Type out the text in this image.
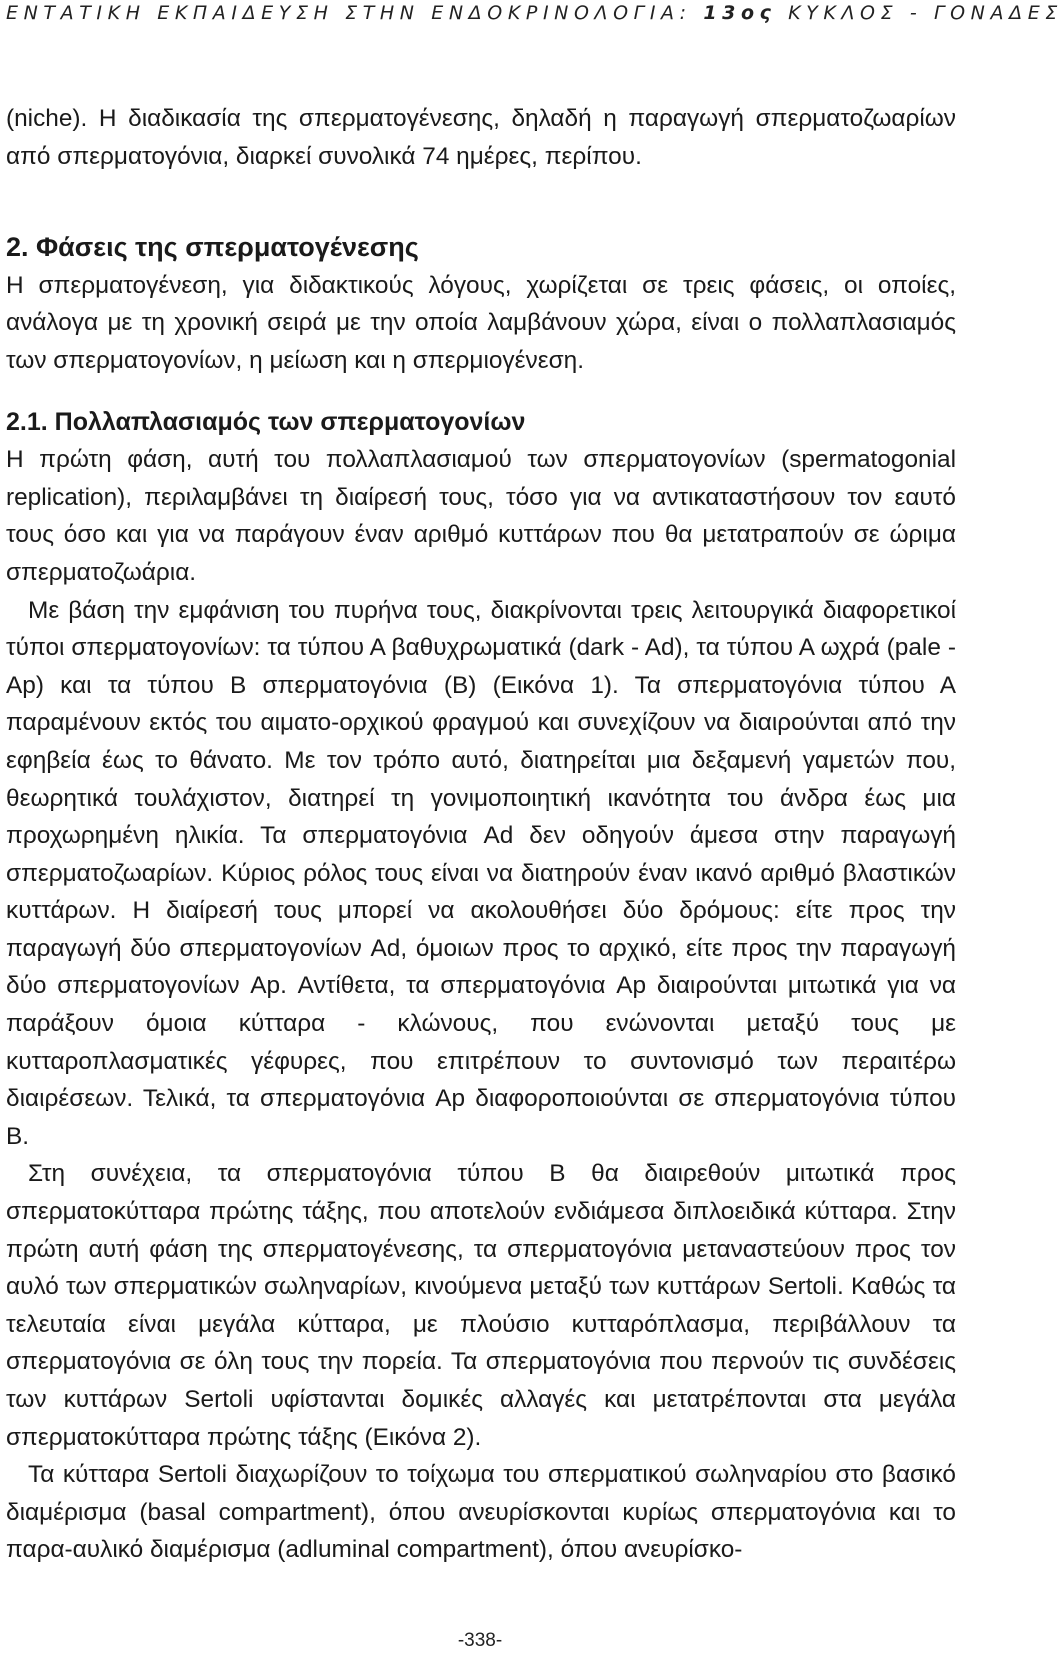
ΕΝΤΑΤΙΚΗ ΕΚΠΑΙΔΕΥΣΗ ΣΤΗΝ ΕΝΔΟΚΡΙΝΟΛΟΓΙΑ: 13ος ΚΥΚΛΟΣ - ΓΟΝΑΔΕΣ

(niche). Η διαδικασία της σπερματογένεσης, δηλαδή η παραγωγή σπερματοζωαρίων από σπερματογόνια, διαρκεί συνολικά 74 ημέρες, περίπου.

2. Φάσεις της σπερματογένεσης

Η σπερματογένεση, για διδακτικούς λόγους, χωρίζεται σε τρεις φάσεις, οι οποίες, ανάλογα με τη χρονική σειρά με την οποία λαμβάνουν χώρα, είναι ο πολλαπλασιαμός των σπερματογονίων, η μείωση και η σπερμιογένεση.

2.1. Πολλαπλασιαμός των σπερματογονίων

Η πρώτη φάση, αυτή του πολλαπλασιαμού των σπερματογονίων (spermatogonial replication), περιλαμβάνει τη διαίρεσή τους, τόσο για να αντικαταστήσουν τον εαυτό τους όσο και για να παράγουν έναν αριθμό κυττάρων που θα μετατραπούν σε ώριμα σπερματοζωάρια.

Με βάση την εμφάνιση του πυρήνα τους, διακρίνονται τρεις λειτουργικά διαφορετικοί τύποι σπερματογονίων: τα τύπου Α βαθυχρωματικά (dark - Ad), τα τύπου Α ωχρά (pale - Ap) και τα τύπου Β σπερματογόνια (Β) (Εικόνα 1). Τα σπερματογόνια τύπου Α παραμένουν εκτός του αιματο-ορχικού φραγμού και συνεχίζουν να διαιρούνται από την εφηβεία έως το θάνατο. Με τον τρόπο αυτό, διατηρείται μια δεξαμενή γαμετών που, θεωρητικά τουλάχιστον, διατηρεί τη γονιμοποιητική ικανότητα του άνδρα έως μια προχωρημένη ηλικία. Τα σπερματογόνια Ad δεν οδηγούν άμεσα στην παραγωγή σπερματοζωαρίων. Κύριος ρόλος τους είναι να διατηρούν έναν ικανό αριθμό βλαστικών κυττάρων. Η διαίρεσή τους μπορεί να ακολουθήσει δύο δρόμους: είτε προς την παραγωγή δύο σπερματογονίων Ad, όμοιων προς το αρχικό, είτε προς την παραγωγή δύο σπερματογονίων Ap. Αντίθετα, τα σπερματογόνια Ap διαιρούνται μιτωτικά για να παράξουν όμοια κύτταρα - κλώνους, που ενώνονται μεταξύ τους με κυτταροπλασματικές γέφυρες, που επιτρέπουν το συντονισμό των περαιτέρω διαιρέσεων. Τελικά, τα σπερματογόνια Ap διαφοροποιούνται σε σπερματογόνια τύπου Β.

Στη συνέχεια, τα σπερματογόνια τύπου Β θα διαιρεθούν μιτωτικά προς σπερματοκύτταρα πρώτης τάξης, που αποτελούν ενδιάμεσα διπλοειδικά κύτταρα. Στην πρώτη αυτή φάση της σπερματογένεσης, τα σπερματογόνια μεταναστεύουν προς τον αυλό των σπερματικών σωληναρίων, κινούμενα μεταξύ των κυττάρων Sertoli. Καθώς τα τελευταία είναι μεγάλα κύτταρα, με πλούσιο κυτταρόπλασμα, περιβάλλουν τα σπερματογόνια σε όλη τους την πορεία. Τα σπερματογόνια που περνούν τις συνδέσεις των κυττάρων Sertoli υφίστανται δομικές αλλαγές και μετατρέπονται στα μεγάλα σπερματοκύτταρα πρώτης τάξης (Εικόνα 2).

Τα κύτταρα Sertoli διαχωρίζουν το τοίχωμα του σπερματικού σωληναρίου στο βασικό διαμέρισμα (basal compartment), όπου ανευρίσκονται κυρίως σπερματογόνια και το παρα-αυλικό διαμέρισμα (adluminal compartment), όπου ανευρίσκο-

-338-
